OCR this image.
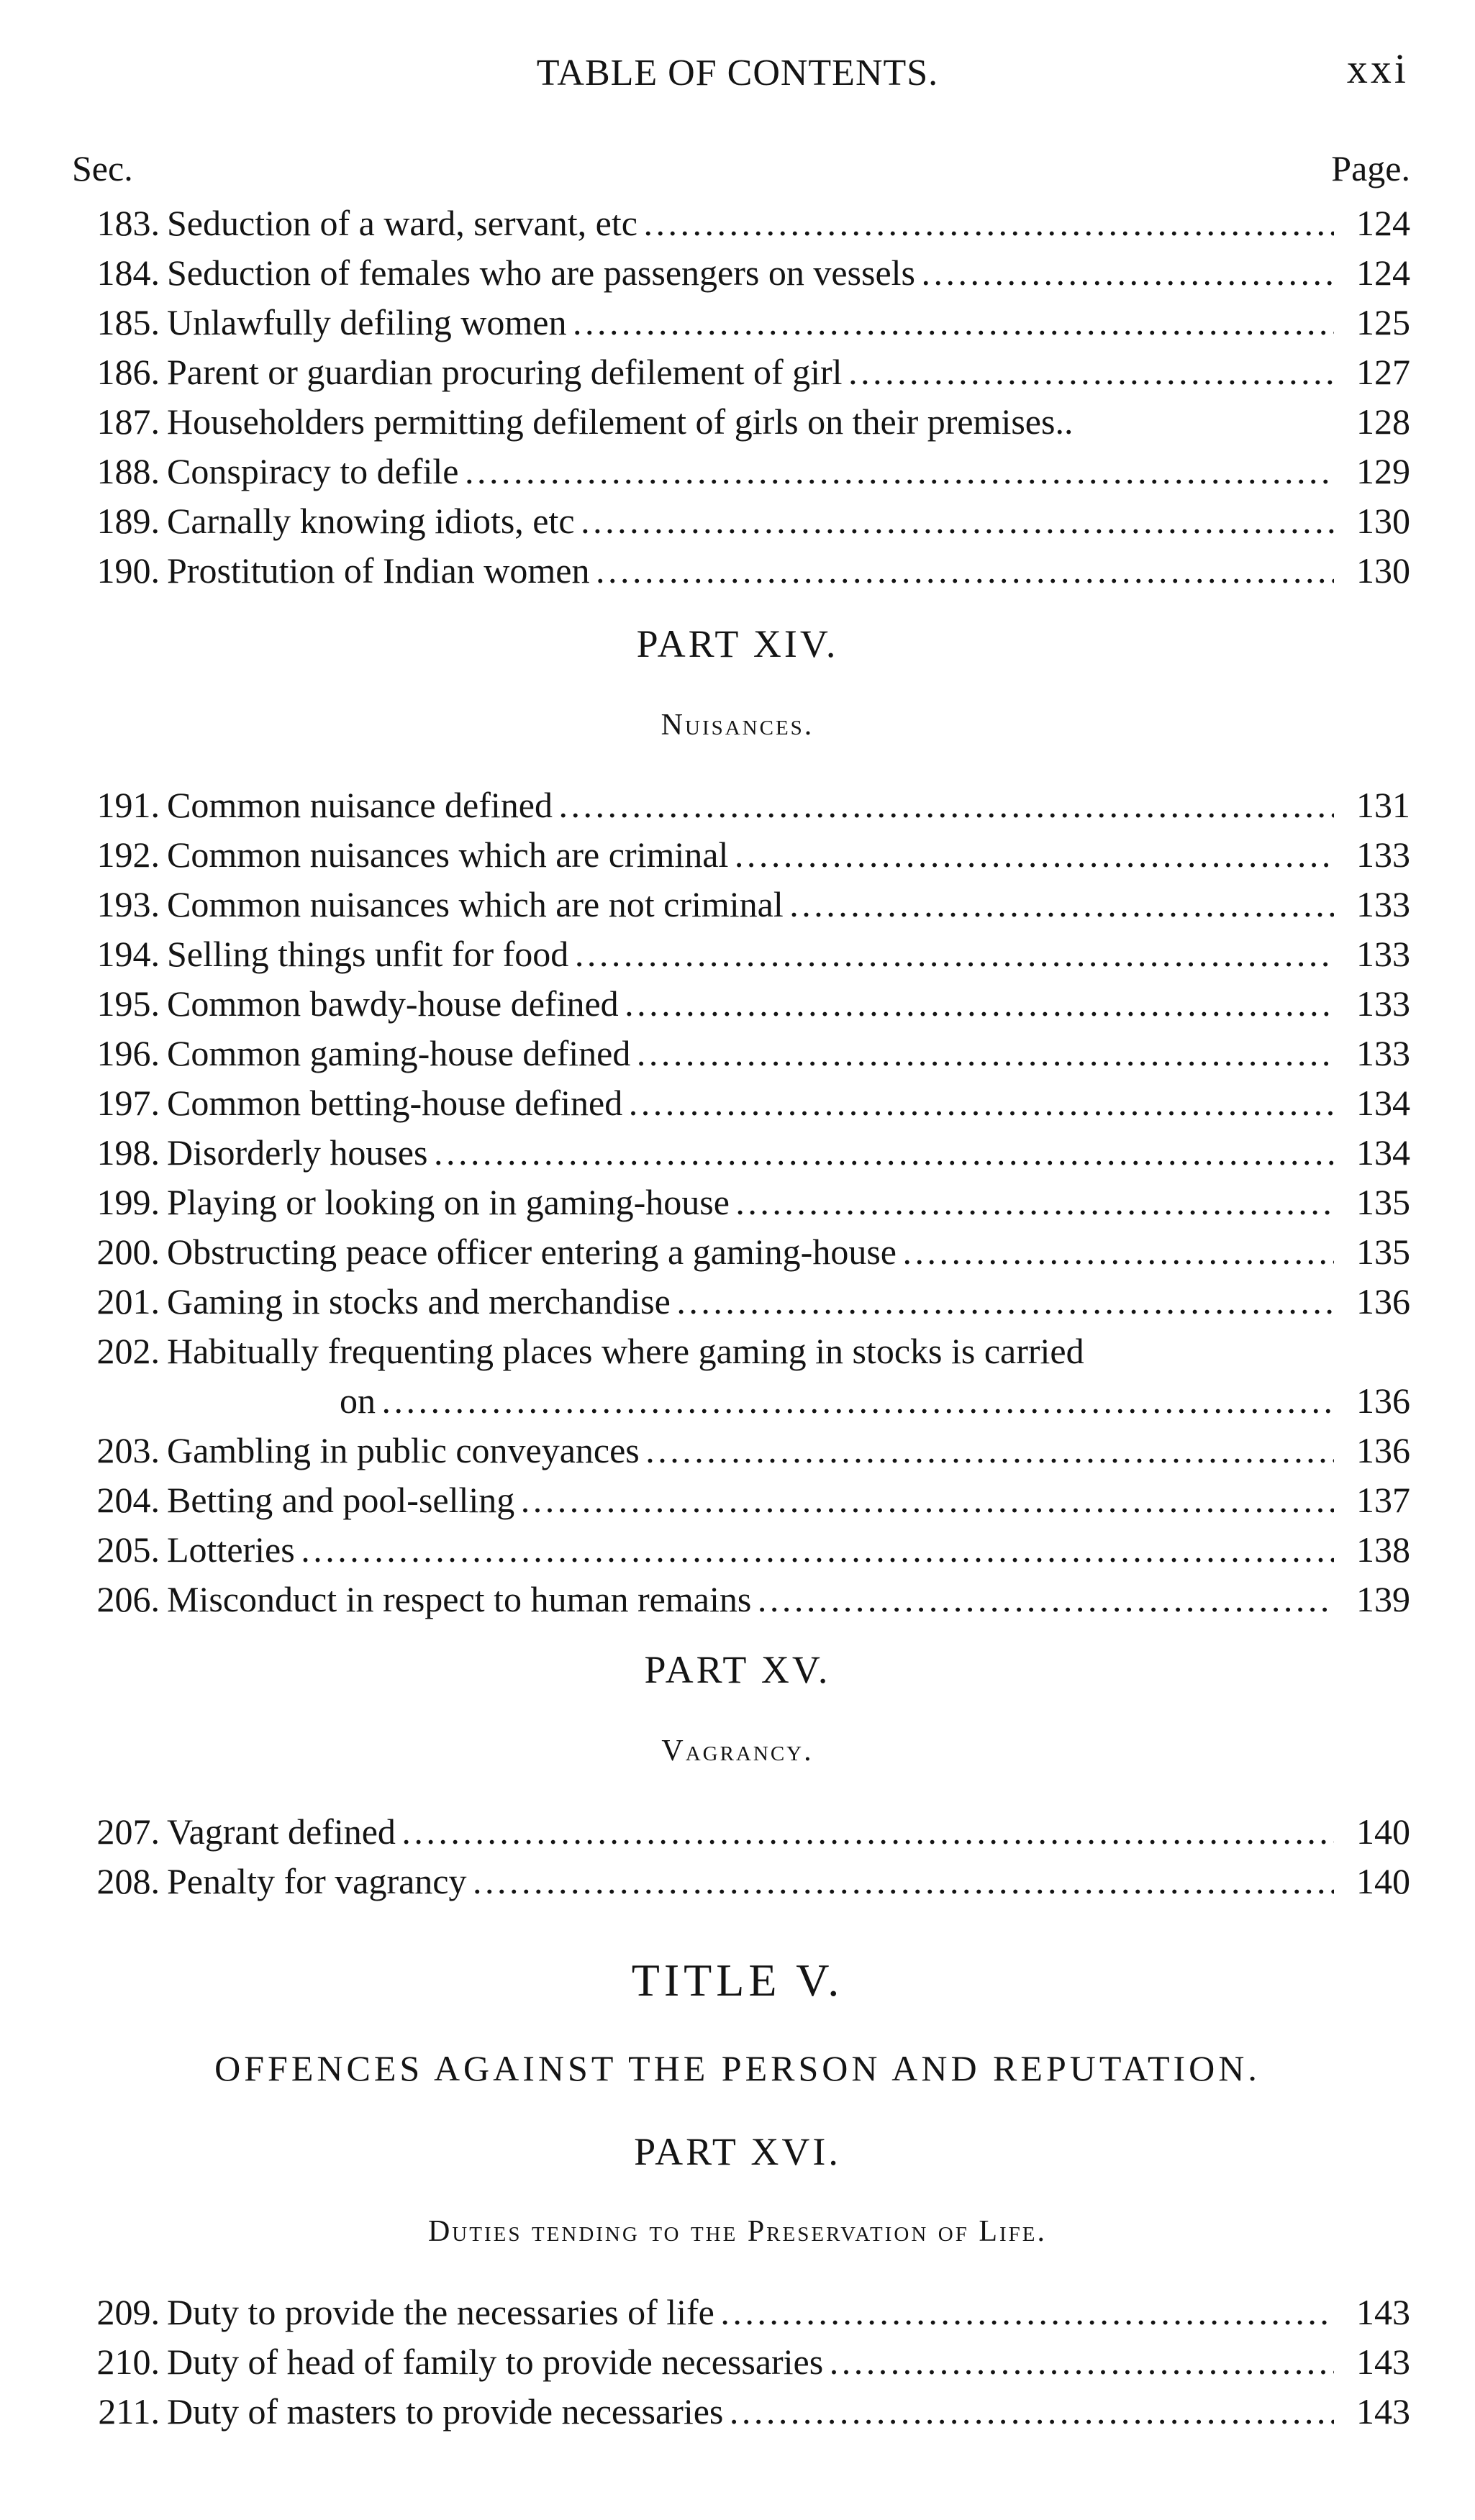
TABLE OF CONTENTS.	xxi
Sec.	Page.
183. Seduction of a ward, servant, etc . . .	124
184. Seduction of females who are passengers on vessels . . .	124
185. Unlawfully defiling women . . .	125
186. Parent or guardian procuring defilement of girl . . .	127
187. Householders permitting defilement of girls on their premises..	128
188. Conspiracy to defile . . .	129
189. Carnally knowing idiots, etc . . .	130
190. Prostitution of Indian women . . .	130
PART XIV.
Nuisances.
191. Common nuisance defined . . .	131
192. Common nuisances which are criminal . . .	133
193. Common nuisances which are not criminal . . .	133
194. Selling things unfit for food . . .	133
195. Common bawdy-house defined . . .	133
196. Common gaming-house defined . . .	133
197. Common betting-house defined . . .	134
198. Disorderly houses . . .	134
199. Playing or looking on in gaming-house . . .	135
200. Obstructing peace officer entering a gaming-house . . .	135
201. Gaming in stocks and merchandise . . .	136
202. Habitually frequenting places where gaming in stocks is carried
on . . .	136
203. Gambling in public conveyances . . .	136
204. Betting and pool-selling . . .	137
205. Lotteries . . .	138
206. Misconduct in respect to human remains . . .	139
PART XV.
Vagrancy.
207. Vagrant defined . . .	140
208. Penalty for vagrancy . . .	140
TITLE V.
OFFENCES AGAINST THE PERSON AND REPUTATION.
PART XVI.
Duties tending to the Preservation of Life.
209. Duty to provide the necessaries of life . . .	143
210. Duty of head of family to provide necessaries . . .	143
211. Duty of masters to provide necessaries . . .	143
